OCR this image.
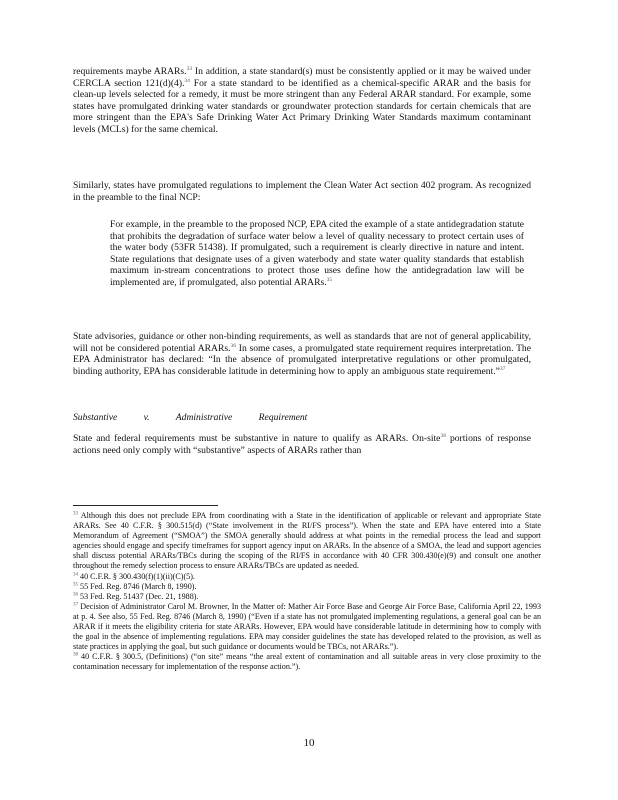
requirements maybe ARARs.$^{33}$ In addition, a state standard(s) must be consistently applied or it may be waived under CERCLA section 121(d)(4).$^{34}$ For a state standard to be identified as a chemical-specific ARAR and the basis for clean-up levels selected for a remedy, it must be more stringent than any Federal ARAR standard. For example, some states have promulgated drinking water standards or groundwater protection standards for certain chemicals that are more stringent than the EPA's Safe Drinking Water Act Primary Drinking Water Standards maximum contaminant levels (MCLs) for the same chemical.

Similarly, states have promulgated regulations to implement the Clean Water Act section 402 program. As recognized in the preamble to the final NCP:

For example, in the preamble to the proposed NCP, EPA cited the example of a state antidegradation statute that prohibits the degradation of surface water below a level of quality necessary to protect certain uses of the water body (53FR 51438). If promulgated, such a requirement is clearly directive in nature and intent. State regulations that designate uses of a given waterbody and state water quality standards that establish maximum in-stream concentrations to protect those uses define how the antidegradation law will be implemented are, if promulgated, also potential ARARs.$^{35}$

State advisories, guidance or other non-binding requirements, as well as standards that are not of general applicability, will not be considered potential ARARs.$^{36}$ In some cases, a promulgated state requirement requires interpretation. The EPA Administrator has declared: “In the absence of promulgated interpretative regulations or other promulgated, binding authority, EPA has considerable latitude in determining how to apply an ambiguous state requirement.”$^{37}$

Substantive v. Administrative Requirement

State and federal requirements must be substantive in nature to qualify as ARARs. On-site$^{38}$ portions of response actions need only comply with “substantive” aspects of ARARs rather than

$^{33}$ Although this does not preclude EPA from coordinating with a State in the identification of applicable or relevant and appropriate State ARARs. See 40 C.F.R. § 300.515(d) (“State involvement in the RI/FS process”). When the state and EPA have entered into a State Memorandum of Agreement (“SMOA”) the SMOA generally should address at what points in the remedial process the lead and support agencies should engage and specify timeframes for support agency input on ARARs. In the absence of a SMOA, the lead and support agencies shall discuss potential ARARs/TBCs during the scoping of the RI/FS in accordance with 40 CFR 300.430(e)(9) and consult one another throughout the remedy selection process to ensure ARARs/TBCs are updated as needed.

$^{34}$ 40 C.F.R. § 300.430(f)(1)(ii)(C)(5).

$^{35}$ 55 Fed. Reg. 8746 (March 8, 1990).

$^{36}$ 53 Fed. Reg. 51437 (Dec. 21, 1988).

$^{37}$ Decision of Administrator Carol M. Browner, In the Matter of: Mather Air Force Base and George Air Force Base, California April 22, 1993 at p. 4. See also, 55 Fed. Reg. 8746 (March 8, 1990) (“Even if a state has not promulgated implementing regulations, a general goal can be an ARAR if it meets the eligibility criteria for state ARARs. However, EPA would have considerable latitude in determining how to comply with the goal in the absence of implementing regulations. EPA may consider guidelines the state has developed related to the provision, as well as state practices in applying the goal, but such guidance or documents would be TBCs, not ARARs.”).

$^{38}$ 40 C.F.R. § 300.5, (Definitions) (“on site” means “the areal extent of contamination and all suitable areas in very close proximity to the contamination necessary for implementation of the response action.”).

10
